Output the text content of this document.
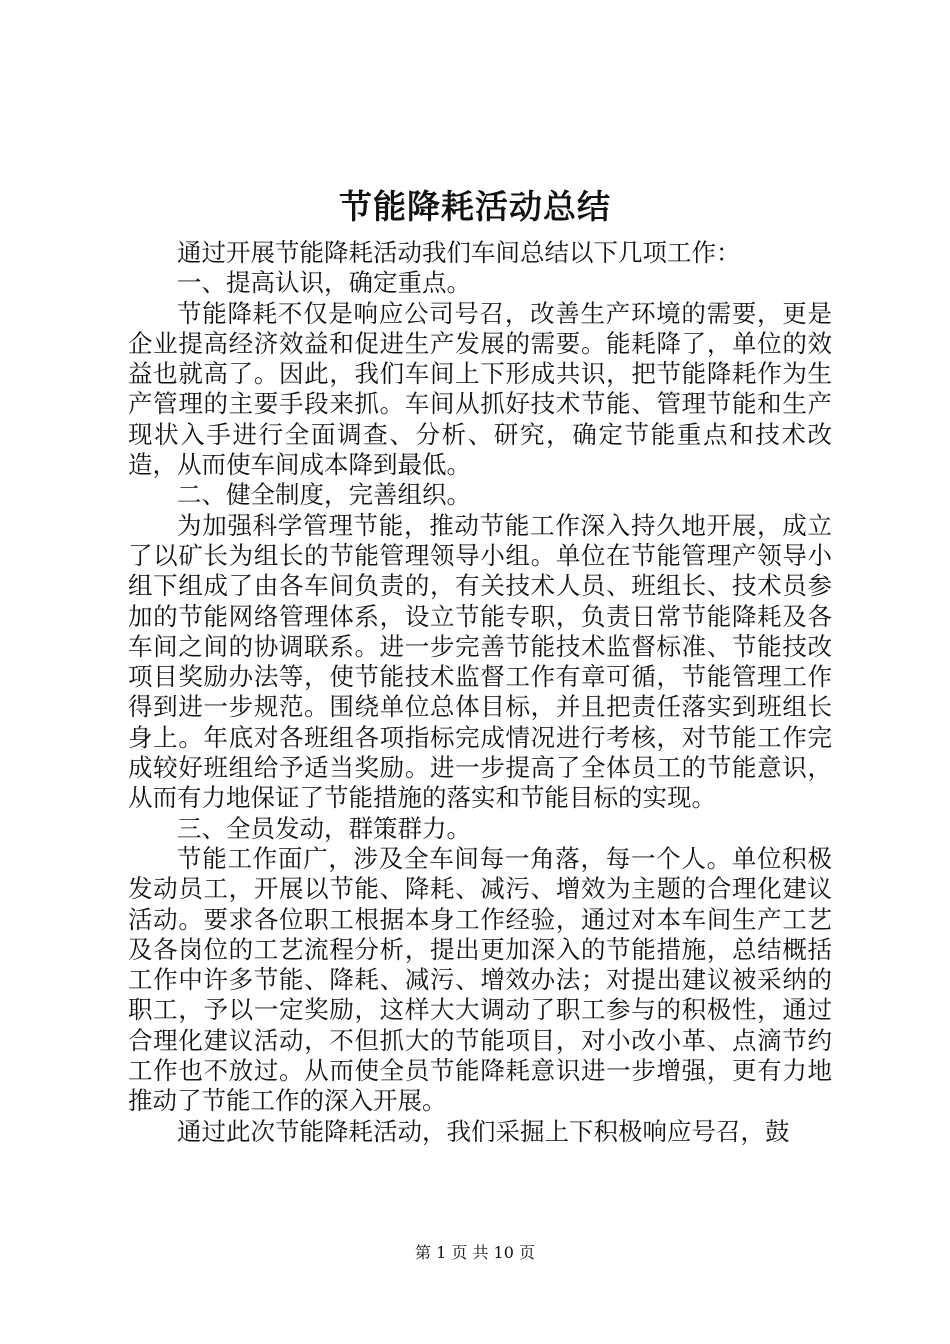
节能降耗活动总结

通过开展节能降耗活动我们车间总结以下几项工作：

一、提高认识，确定重点。

节能降耗不仅是响应公司号召，改善生产环境的需要，更是企业提高经济效益和促进生产发展的需要。能耗降了，单位的效益也就高了。因此，我们车间上下形成共识，把节能降耗作为生产管理的主要手段来抓。车间从抓好技术节能、管理节能和生产现状入手进行全面调查、分析、研究，确定节能重点和技术改造，从而使车间成本降到最低。

二、健全制度，完善组织。

为加强科学管理节能，推动节能工作深入持久地开展，成立了以矿长为组长的节能管理领导小组。单位在节能管理产领导小组下组成了由各车间负责的，有关技术人员、班组长、技术员参加的节能网络管理体系，设立节能专职，负责日常节能降耗及各车间之间的协调联系。进一步完善节能技术监督标准、节能技改项目奖励办法等，使节能技术监督工作有章可循，节能管理工作得到进一步规范。围绕单位总体目标，并且把责任落实到班组长身上。年底对各班组各项指标完成情况进行考核，对节能工作完成较好班组给予适当奖励。进一步提高了全体员工的节能意识，从而有力地保证了节能措施的落实和节能目标的实现。

三、全员发动，群策群力。

节能工作面广，涉及全车间每一角落，每一个人。单位积极发动员工，开展以节能、降耗、减污、增效为主题的合理化建议活动。要求各位职工根据本身工作经验，通过对本车间生产工艺及各岗位的工艺流程分析，提出更加深入的节能措施，总结概括工作中许多节能、降耗、减污、增效办法；对提出建议被采纳的职工，予以一定奖励，这样大大调动了职工参与的积极性，通过合理化建议活动，不但抓大的节能项目，对小改小革、点滴节约工作也不放过。从而使全员节能降耗意识进一步增强，更有力地推动了节能工作的深入开展。

通过此次节能降耗活动，我们采掘上下积极响应号召，鼓

第 1 页 共 10 页
